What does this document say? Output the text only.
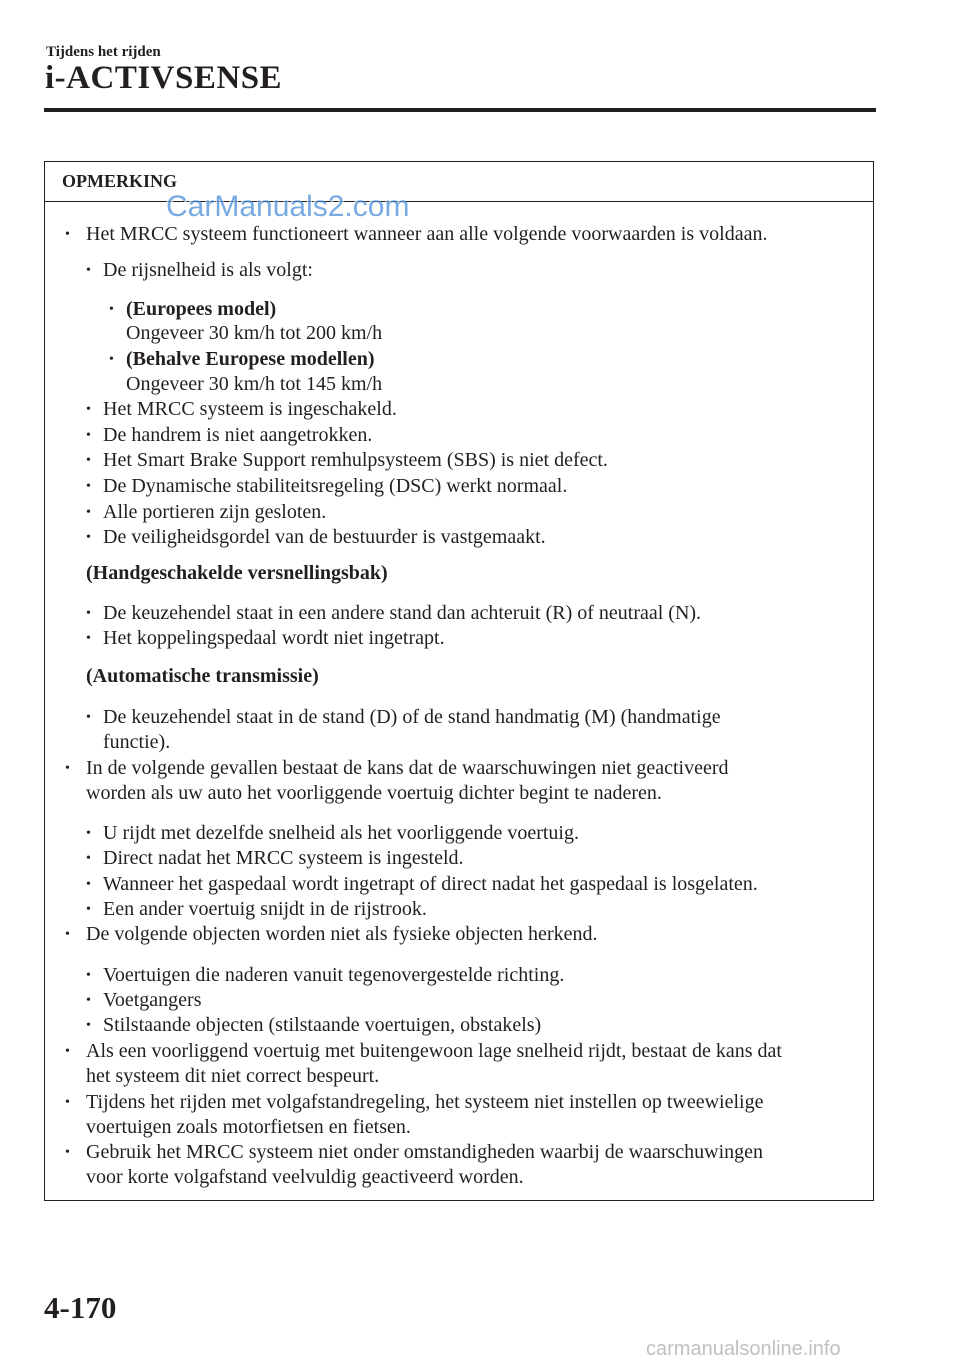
Tijdens het rijden
i-ACTIVSENSE
OPMERKING
CarManuals2.com
• Het MRCC systeem functioneert wanneer aan alle volgende voorwaarden is voldaan.
• De rijsnelheid is als volgt:
• (Europees model)
Ongeveer 30 km/h tot 200 km/h
• (Behalve Europese modellen)
Ongeveer 30 km/h tot 145 km/h
• Het MRCC systeem is ingeschakeld.
• De handrem is niet aangetrokken.
• Het Smart Brake Support remhulpsysteem (SBS) is niet defect.
• De Dynamische stabiliteitsregeling (DSC) werkt normaal.
• Alle portieren zijn gesloten.
• De veiligheidsgordel van de bestuurder is vastgemaakt.
(Handgeschakelde versnellingsbak)
• De keuzehendel staat in een andere stand dan achteruit (R) of neutraal (N).
• Het koppelingspedaal wordt niet ingetrapt.
(Automatische transmissie)
• De keuzehendel staat in de stand (D) of de stand handmatig (M) (handmatige
functie).
• In de volgende gevallen bestaat de kans dat de waarschuwingen niet geactiveerd
worden als uw auto het voorliggende voertuig dichter begint te naderen.
• U rijdt met dezelfde snelheid als het voorliggende voertuig.
• Direct nadat het MRCC systeem is ingesteld.
• Wanneer het gaspedaal wordt ingetrapt of direct nadat het gaspedaal is losgelaten.
• Een ander voertuig snijdt in de rijstrook.
• De volgende objecten worden niet als fysieke objecten herkend.
• Voertuigen die naderen vanuit tegenovergestelde richting.
• Voetgangers
• Stilstaande objecten (stilstaande voertuigen, obstakels)
• Als een voorliggend voertuig met buitengewoon lage snelheid rijdt, bestaat de kans dat
het systeem dit niet correct bespeurt.
• Tijdens het rijden met volgafstandregeling, het systeem niet instellen op tweewielige
voertuigen zoals motorfietsen en fietsen.
• Gebruik het MRCC systeem niet onder omstandigheden waarbij de waarschuwingen
voor korte volgafstand veelvuldig geactiveerd worden.
4-170
carmanualsonline.info
